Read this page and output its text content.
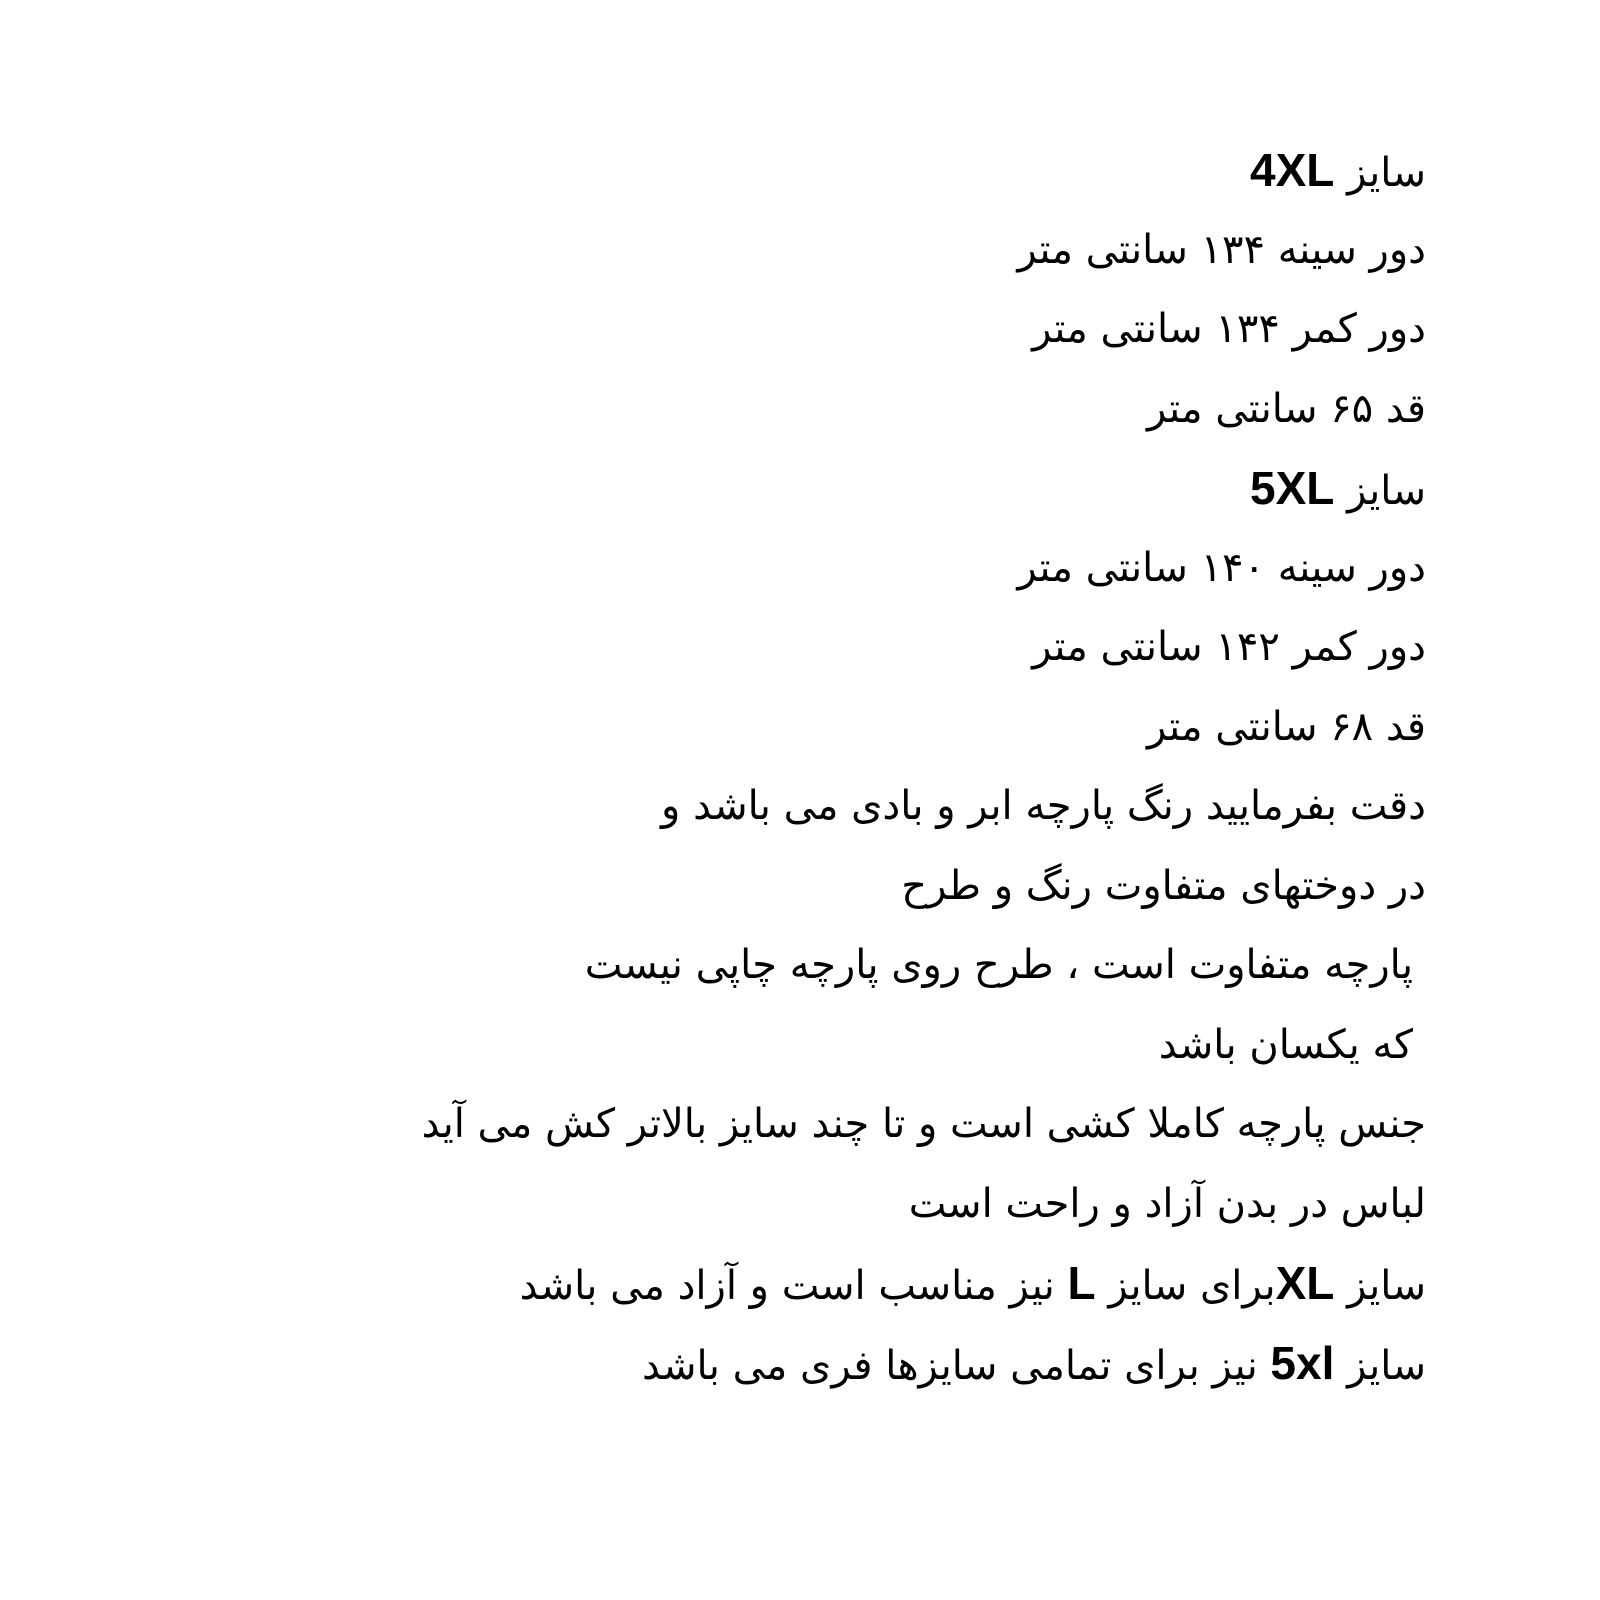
سایز 4XL
دور سینه ۱۳۴ سانتی متر
دور کمر ۱۳۴ سانتی متر
قد ۶۵ سانتی متر
سایز 5XL
دور سینه ۱۴۰ سانتی متر
دور کمر ۱۴۲ سانتی متر
قد ۶۸ سانتی متر
دقت بفرمایید رنگ پارچه ابر و بادی می باشد و
در دوختهای متفاوت رنگ و طرح
پارچه متفاوت است ، طرح روی پارچه چاپی نیست
که یکسان باشد
جنس پارچه کاملا کشی است و تا چند سایز بالاتر کش می آید
لباس در بدن آزاد و راحت است
سایز XLبرای سایز L نیز مناسب است و آزاد می باشد
سایز 5xl نیز برای تمامی سایزها فری می باشد
